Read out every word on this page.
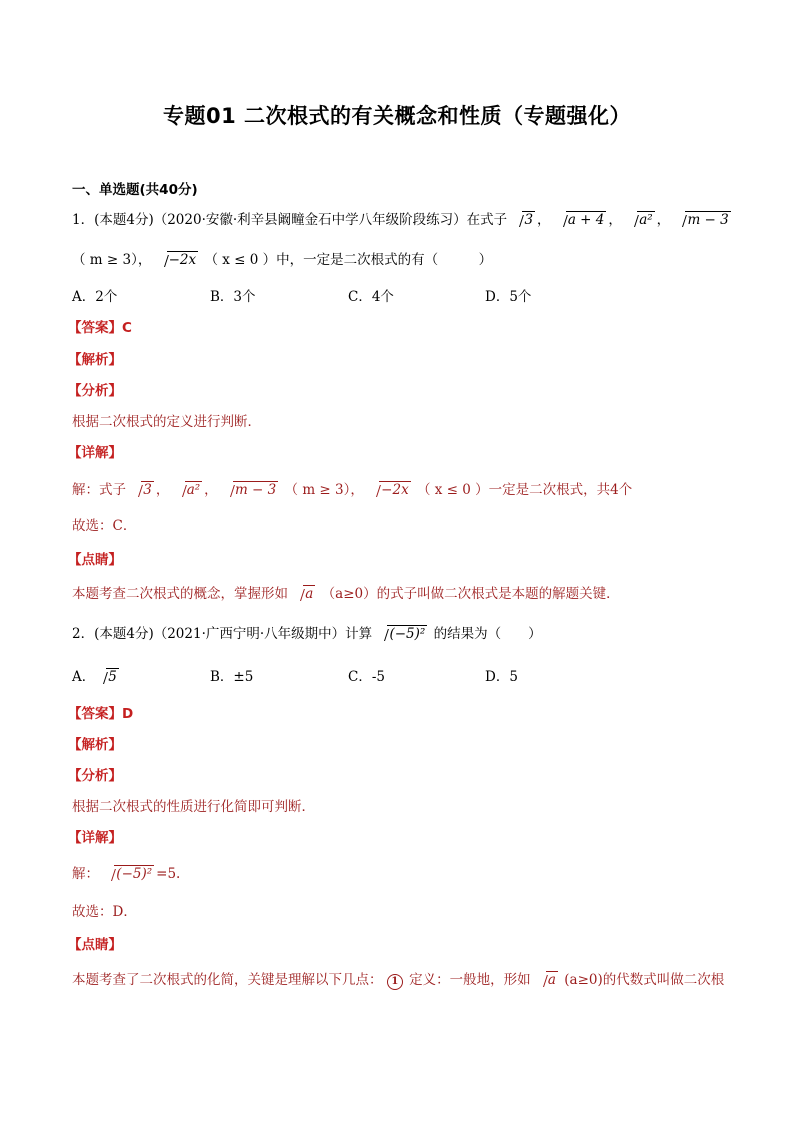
专题01 二次根式的有关概念和性质（专题强化）
一、单选题(共40分)
1．(本题4分)（2020·安徽·利辛县阚疃金石中学八年级阶段练习）在式子 3 ， a + 4 ， a² ， m − 3
（ m ≥ 3）， −2x （ x ≤ 0 ）中，一定是二次根式的有（　　　）
A．2个	B．3个	C．4个	D．5个
【答案】C
【解析】
【分析】
根据二次根式的定义进行判断．
【详解】
解：式子 3 ， a² ， m − 3 （ m ≥ 3）， −2x （ x ≤ 0 ）一定是二次根式，共4个
故选：C．
【点睛】
本题考查二次根式的概念，掌握形如 a （a≥0）的式子叫做二次根式是本题的解题关键．
2．(本题4分)（2021·广西宁明·八年级期中）计算 (−5)² 的结果为（　　）
A． 5	B．±5	C．-5	D．5
【答案】D
【解析】
【分析】
根据二次根式的性质进行化简即可判断．
【详解】
解： (−5)² =5.
故选：D．
【点睛】
本题考查了二次根式的化简，关键是理解以下几点： 1 定义：一般地，形如 a (a≥0)的代数式叫做二次根
